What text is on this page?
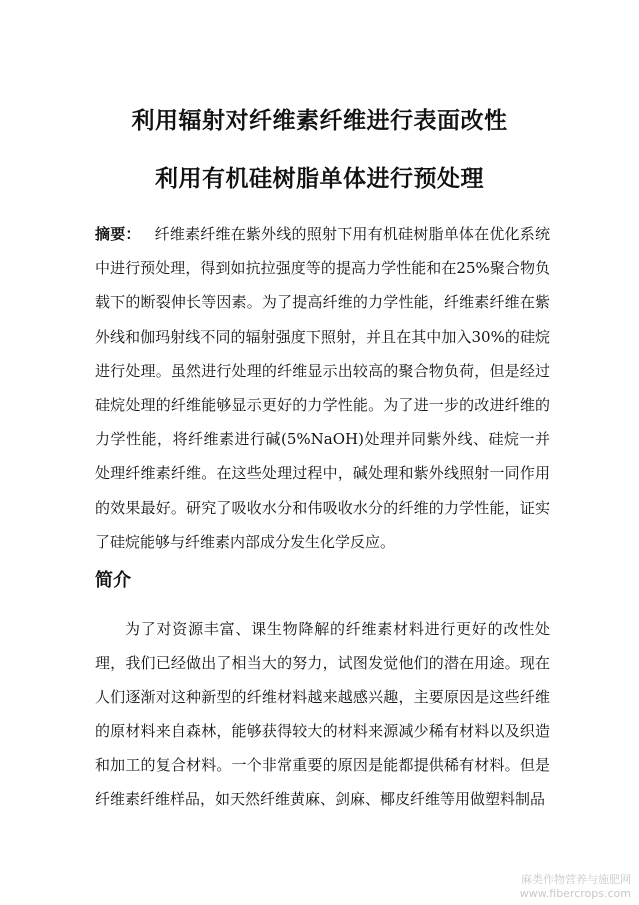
利用辐射对纤维素纤维进行表面改性
利用有机硅树脂单体进行预处理

摘要： 纤维素纤维在紫外线的照射下用有机硅树脂单体在优化系统中进行预处理，得到如抗拉强度等的提高力学性能和在25%聚合物负载下的断裂伸长等因素。为了提高纤维的力学性能，纤维素纤维在紫外线和伽玛射线不同的辐射强度下照射，并且在其中加入30%的硅烷进行处理。虽然进行处理的纤维显示出较高的聚合物负荷，但是经过硅烷处理的纤维能够显示更好的力学性能。为了进一步的改进纤维的力学性能，将纤维素进行碱(5%NaOH)处理并同紫外线、硅烷一并处理纤维素纤维。在这些处理过程中，碱处理和紫外线照射一同作用的效果最好。研究了吸收水分和伟吸收水分的纤维的力学性能，证实了硅烷能够与纤维素内部成分发生化学反应。

简介

为了对资源丰富、课生物降解的纤维素材料进行更好的改性处理，我们已经做出了相当大的努力，试图发觉他们的潜在用途。现在人们逐渐对这种新型的纤维材料越来越感兴趣，主要原因是这些纤维的原材料来自森林，能够获得较大的材料来源减少稀有材料以及织造和加工的复合材料。一个非常重要的原因是能都提供稀有材料。但是纤维素纤维样品，如天然纤维黄麻、剑麻、椰皮纤维等用做塑料制品

麻类作物营养与施肥网
www.fibercrops.com
